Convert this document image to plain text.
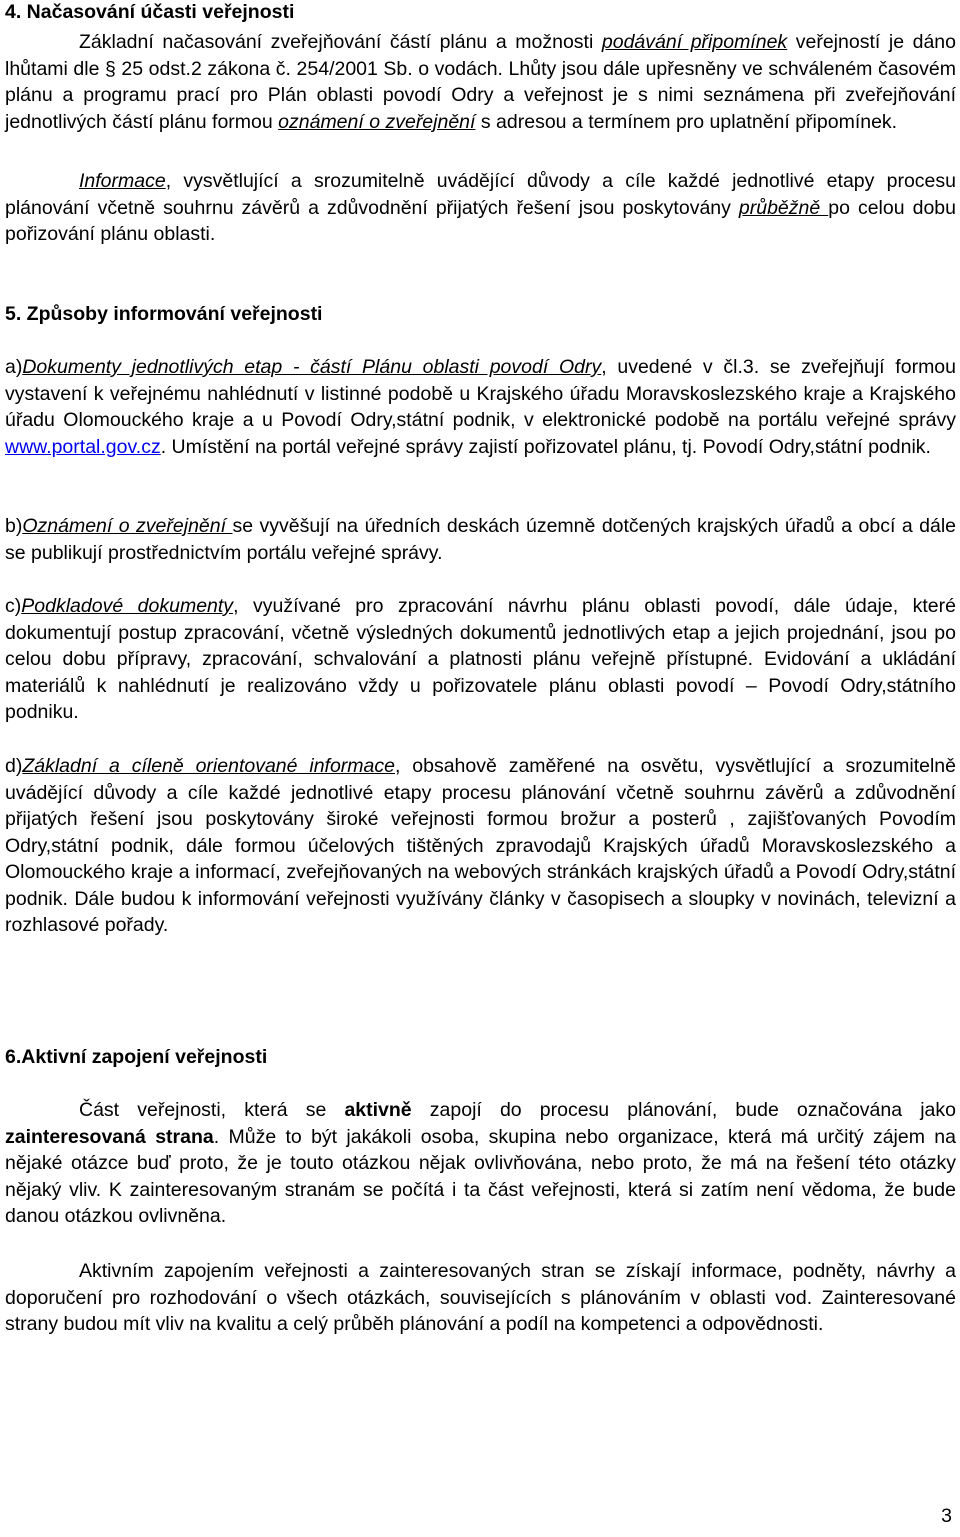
4. Načasování účasti veřejnosti
Základní načasování zveřejňování částí plánu a možnosti podávání připomínek veřejností je dáno lhůtami dle § 25 odst.2 zákona č. 254/2001 Sb. o vodách. Lhůty jsou dále upřesněny ve schváleném časovém plánu a programu prací pro Plán oblasti povodí Odry a veřejnost je s nimi seznámena při zveřejňování jednotlivých částí plánu formou oznámení o zveřejnění s adresou a termínem pro uplatnění připomínek.
Informace, vysvětlující a srozumitelně uvádějící důvody a cíle každé jednotlivé etapy procesu plánování včetně souhrnu závěrů a zdůvodnění přijatých řešení jsou poskytovány průběžně po celou dobu pořizování plánu oblasti.
5. Způsoby informování veřejnosti
a)Dokumenty jednotlivých etap - částí Plánu oblasti povodí Odry, uvedené v čl.3. se zveřejňují formou vystavení k veřejnému nahlédnutí v listinné podobě u Krajského úřadu Moravskoslezského kraje a Krajského úřadu Olomouckého kraje a u Povodí Odry,státní podnik, v elektronické podobě na portálu veřejné správy www.portal.gov.cz. Umístění na portál veřejné správy zajistí pořizovatel plánu, tj. Povodí Odry,státní podnik.
b)Oznámení o zveřejnění se vyvěšují na úředních deskách územně dotčených krajských úřadů a obcí a dále se publikují prostřednictvím portálu veřejné správy.
c)Podkladové dokumenty, využívané pro zpracování návrhu plánu oblasti povodí, dále údaje, které dokumentují postup zpracování, včetně výsledných dokumentů jednotlivých etap a jejich projednání, jsou po celou dobu přípravy, zpracování, schvalování a platnosti plánu veřejně přístupné. Evidování a ukládání materiálů k nahlédnutí je realizováno vždy u pořizovatele plánu oblasti povodí – Povodí Odry,státního podniku.
d)Základní a cíleně orientované informace, obsahově zaměřené na osvětu, vysvětlující a srozumitelně uvádějící důvody a cíle každé jednotlivé etapy procesu plánování včetně souhrnu závěrů a zdůvodnění přijatých řešení jsou poskytovány široké veřejnosti formou brožur a posterů , zajišťovaných Povodím Odry,státní podnik, dále formou účelových tištěných zpravodajů Krajských úřadů Moravskoslezského a Olomouckého kraje a informací, zveřejňovaných na webových stránkách krajských úřadů a Povodí Odry,státní podnik. Dále budou k informování veřejnosti využívány články v časopisech a sloupky v novinách, televizní a rozhlasové pořady.
6.Aktivní zapojení veřejnosti
Část veřejnosti, která se aktivně zapojí do procesu plánování, bude označována jako zainteresovaná strana. Může to být jakákoli osoba, skupina nebo organizace, která má určitý zájem na nějaké otázce buď proto, že je touto otázkou nějak ovlivňována, nebo proto, že má na řešení této otázky nějaký vliv. K zainteresovaným stranám se počítá i ta část veřejnosti, která si zatím není vědoma, že bude danou otázkou ovlivněna.
Aktivním zapojením veřejnosti a zainteresovaných stran se získají informace, podněty, návrhy a doporučení pro rozhodování o všech otázkách, souvisejících s plánováním v oblasti vod. Zainteresované strany budou mít vliv na kvalitu a celý průběh plánování a podíl na kompetenci a odpovědnosti.
3
